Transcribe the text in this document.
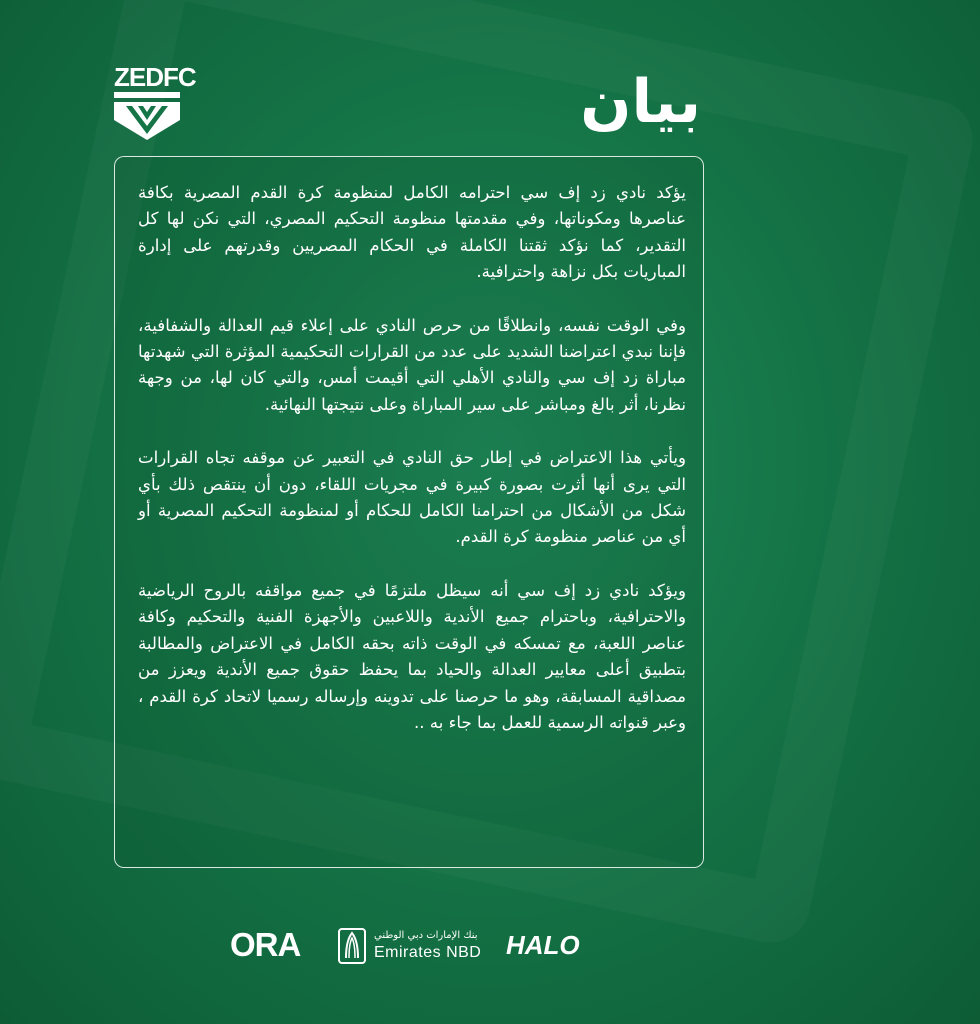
ZEDFC	بيان

يؤكد نادي زد إف سي احترامه الكامل لمنظومة كرة القدم المصرية بكافة عناصرها ومكوناتها، وفي مقدمتها منظومة التحكيم المصري، التي نكن لها كل التقدير، كما نؤكد ثقتنا الكاملة في الحكام المصريين وقدرتهم على إدارة المباريات بكل نزاهة واحترافية.

وفي الوقت نفسه، وانطلاقًا من حرص النادي على إعلاء قيم العدالة والشفافية، فإننا نبدي اعتراضنا الشديد على عدد من القرارات التحكيمية المؤثرة التي شهدتها مباراة زد إف سي والنادي الأهلي التي أقيمت أمس، والتي كان لها، من وجهة نظرنا، أثر بالغ ومباشر على سير المباراة وعلى نتيجتها النهائية.

ويأتي هذا الاعتراض في إطار حق النادي في التعبير عن موقفه تجاه القرارات التي يرى أنها أثرت بصورة كبيرة في مجريات اللقاء، دون أن ينتقص ذلك بأي شكل من الأشكال من احترامنا الكامل للحكام أو لمنظومة التحكيم المصرية أو أي من عناصر منظومة كرة القدم.

ويؤكد نادي زد إف سي أنه سيظل ملتزمًا في جميع مواقفه بالروح الرياضية والاحترافية، وباحترام جميع الأندية واللاعبين والأجهزة الفنية والتحكيم وكافة عناصر اللعبة، مع تمسكه في الوقت ذاته بحقه الكامل في الاعتراض والمطالبة بتطبيق أعلى معايير العدالة والحياد بما يحفظ حقوق جميع الأندية ويعزز من مصداقية المسابقة، وهو ما حرصنا على تدوينه وإرساله رسميا لاتحاد كرة القدم ، وعبر قنواته الرسمية للعمل بما جاء به ..

ORA	بنك الإمارات دبي الوطني
Emirates NBD HALO
